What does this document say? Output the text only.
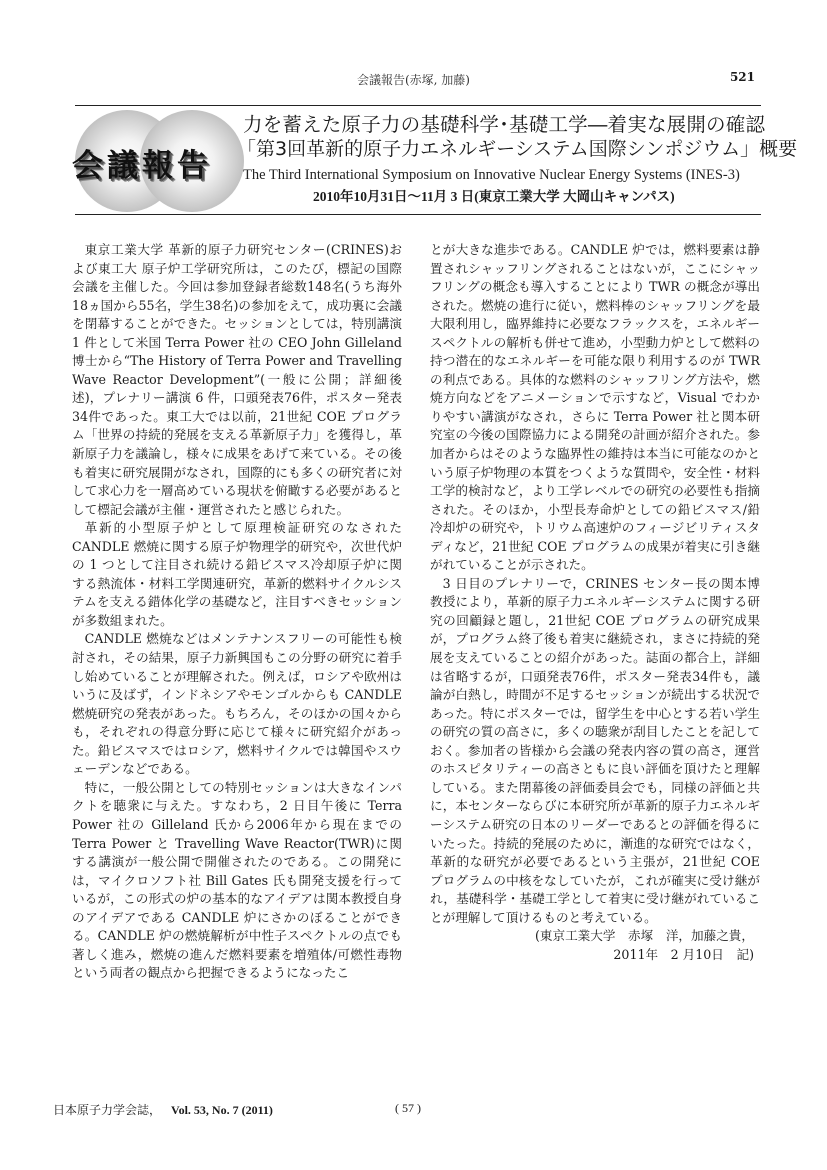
会議報告(赤塚, 加藤)	521
会議報告
力を蓄えた原子力の基礎科学･基礎工学―着実な展開の確認
「第3回革新的原子力エネルギーシステム国際シンポジウム」概要
The Third International Symposium on Innovative Nuclear Energy Systems (INES-3)
2010年10月31日～11月 3 日(東京工業大学 大岡山キャンパス)

東京工業大学 革新的原子力研究センター(CRINES)および東工大 原子炉工学研究所は，このたび，標記の国際会議を主催した。今回は参加登録者総数148名(うち海外18ヵ国から55名，学生38名)の参加をえて，成功裏に会議を閉幕することができた。セッションとしては，特別講演 1 件として米国 Terra Power 社の CEO John Gilleland 博士から“The History of Terra Power and Travelling Wave Reactor Development”(一般に公開；詳細後述)，プレナリー講演 6 件，口頭発表76件，ポスター発表34件であった。東工大では以前，21世紀 COE プログラム「世界の持続的発展を支える革新原子力」を獲得し，革新原子力を議論し，様々に成果をあげて来ている。その後も着実に研究展開がなされ，国際的にも多くの研究者に対して求心力を一層高めている現状を俯瞰する必要があるとして標記会議が主催・運営されたと感じられた。

革新的小型原子炉として原理検証研究のなされた CANDLE 燃焼に関する原子炉物理学的研究や，次世代炉の 1 つとして注目され続ける鉛ビスマス冷却原子炉に関する熱流体・材料工学関連研究，革新的燃料サイクルシステムを支える錯体化学の基礎など，注目すべきセッションが多数組まれた。

CANDLE 燃焼などはメンテナンスフリーの可能性も検討され，その結果，原子力新興国もこの分野の研究に着手し始めていることが理解された。例えば，ロシアや欧州はいうに及ばず，インドネシアやモンゴルからも CANDLE 燃焼研究の発表があった。もちろん，そのほかの国々からも，それぞれの得意分野に応じて様々に研究紹介があった。鉛ビスマスではロシア，燃料サイクルでは韓国やスウェーデンなどである。

特に，一般公開としての特別セッションは大きなインパクトを聴衆に与えた。すなわち，2 日目午後に Terra Power 社の Gilleland 氏から2006年から現在までの Terra Power と Travelling Wave Reactor(TWR)に関する講演が一般公開で開催されたのである。この開発には，マイクロソフト社 Bill Gates 氏も開発支援を行っているが，この形式の炉の基本的なアイデアは関本教授自身のアイデアである CANDLE 炉にさかのぼることができる。CANDLE 炉の燃焼解析が中性子スペクトルの点でも著しく進み，燃焼の進んだ燃料要素を増殖体/可燃性毒物という両者の観点から把握できるようになったこ

とが大きな進歩である。CANDLE 炉では，燃料要素は静置されシャッフリングされることはないが，ここにシャッフリングの概念も導入することにより TWR の概念が導出された。燃焼の進行に従い，燃料棒のシャッフリングを最大限利用し，臨界維持に必要なフラックスを，エネルギースペクトルの解析も併せて進め，小型動力炉として燃料の持つ潜在的なエネルギーを可能な限り利用するのが TWR の利点である。具体的な燃料のシャッフリング方法や，燃焼方向などをアニメーションで示すなど，Visual でわかりやすい講演がなされ，さらに Terra Power 社と関本研究室の今後の国際協力による開発の計画が紹介された。参加者からはそのような臨界性の維持は本当に可能なのかという原子炉物理の本質をつくような質問や，安全性・材料工学的検討など，より工学レベルでの研究の必要性も指摘された。そのほか，小型長寿命炉としての鉛ビスマス/鉛冷却炉の研究や，トリウム高速炉のフィージビリティスタディなど，21世紀 COE プログラムの成果が着実に引き継がれていることが示された。

3 日目のプレナリーで，CRINES センター長の関本博教授により，革新的原子力エネルギーシステムに関する研究の回顧録と題し，21世紀 COE プログラムの研究成果が，プログラム終了後も着実に継続され，まさに持続的発展を支えていることの紹介があった。誌面の都合上，詳細は省略するが，口頭発表76件，ポスター発表34件も，議論が白熱し，時間が不足するセッションが続出する状況であった。特にポスターでは，留学生を中心とする若い学生の研究の質の高さに，多くの聴衆が刮目したことを記しておく。参加者の皆様から会議の発表内容の質の高さ，運営のホスピタリティーの高さともに良い評価を頂けたと理解している。また閉幕後の評価委員会でも，同様の評価と共に，本センターならびに本研究所が革新的原子力エネルギーシステム研究の日本のリーダーであるとの評価を得るにいたった。持続的発展のために，漸進的な研究ではなく，革新的な研究が必要であるという主張が，21世紀 COE プログラムの中核をなしていたが，これが確実に受け継がれ，基礎科学・基礎工学として着実に受け継がれていることが理解して頂けるものと考えている。

(東京工業大学　赤塚　洋，加藤之貴，

2011年　2 月10日　記)

日本原子力学会誌， Vol. 53, No. 7 (2011)	( 57 )
